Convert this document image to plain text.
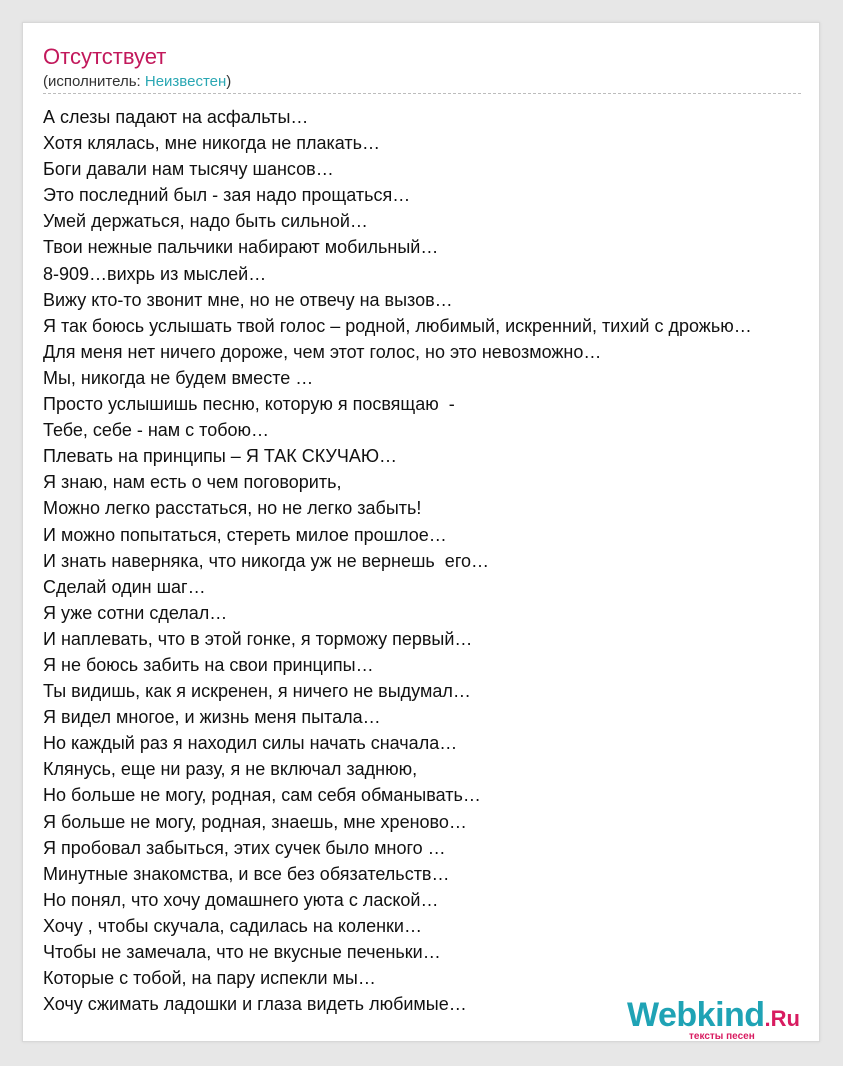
Отсутствует
(исполнитель: Неизвестен)
А слезы падают на асфальты…
Хотя клялась, мне никогда не плакать…
Боги давали нам тысячу шансов…
Это последний был - зая надо прощаться…
Умей держаться, надо быть сильной…
Твои нежные пальчики набирают мобильный…
8-909…вихрь из мыслей…
Вижу кто-то звонит мне, но не отвечу на вызов…
Я так боюсь услышать твой голос – родной, любимый, искренний, тихий с дрожью…
Для меня нет ничего дороже, чем этот голос, но это невозможно…
Мы, никогда не будем вместе …
Просто услышишь песню, которую я посвящаю  -
Тебе, себе - нам с тобою…
Плевать на принципы – Я ТАК СКУЧАЮ…
Я знаю, нам есть о чем поговорить,
Можно легко расстаться, но не легко забыть!
И можно попытаться, стереть милое прошлое…
И знать наверняка, что никогда уж не вернешь  его…
Сделай один шаг…
Я уже сотни сделал…
И наплевать, что в этой гонке, я торможу первый…
Я не боюсь забить на свои принципы…
Ты видишь, как я искренен, я ничего не выдумал…
Я видел многое, и жизнь меня пытала…
Но каждый раз я находил силы начать сначала…
Клянусь, еще ни разу, я не включал заднюю,
Но больше не могу, родная, сам себя обманывать…
Я больше не могу, родная, знаешь, мне хреново…
Я пробовал забыться, этих сучек было много …
Минутные знакомства, и все без обязательств…
Но понял, что хочу домашнего уюта с лаской…
Хочу , чтобы скучала, садилась на коленки…
Чтобы не замечала, что не вкусные печеньки…
Которые с тобой, на пару испекли мы…
Хочу сжимать ладошки и глаза видеть любимые…	Webkind.Ru
тексты песен
